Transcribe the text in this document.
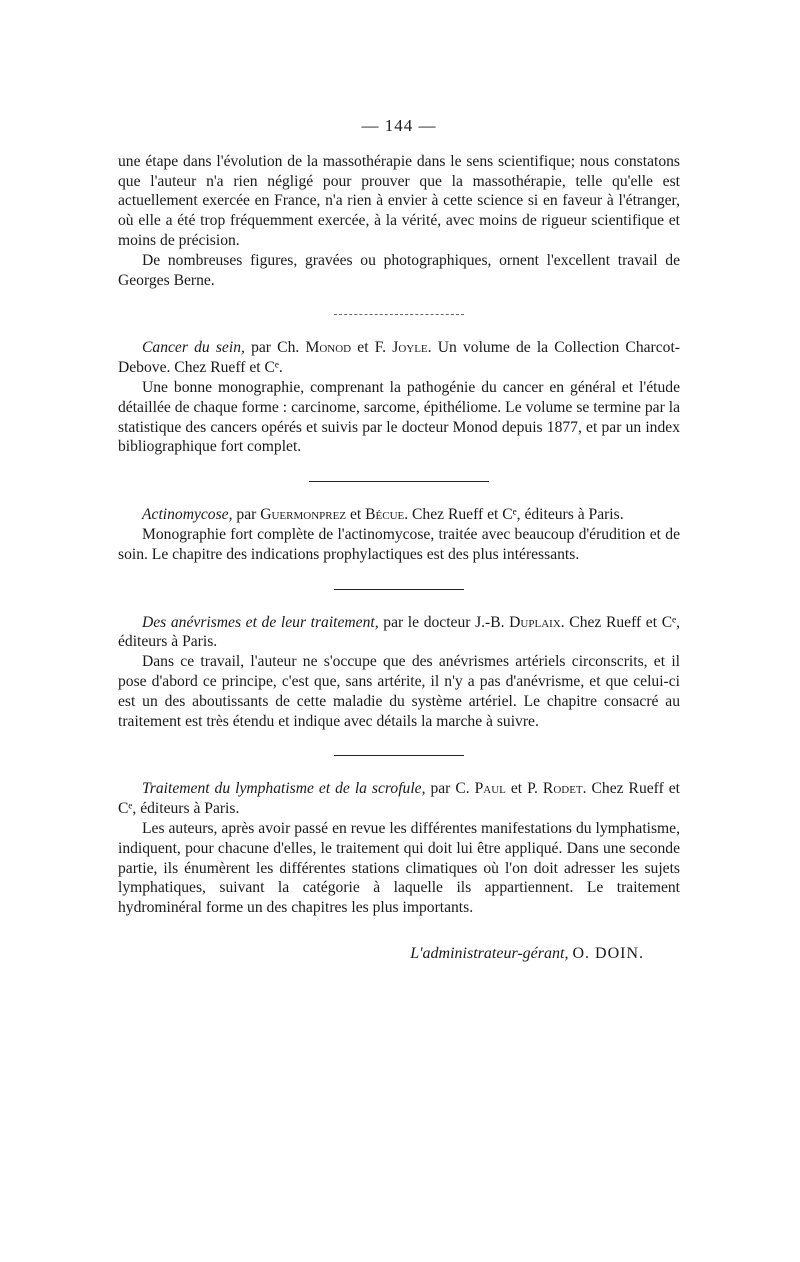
— 144 —

une étape dans l'évolution de la massothérapie dans le sens scientifique; nous constatons que l'auteur n'a rien négligé pour prouver que la massothérapie, telle qu'elle est actuellement exercée en France, n'a rien à envier à cette science si en faveur à l'étranger, où elle a été trop fréquemment exercée, à la vérité, avec moins de rigueur scientifique et moins de précision.

De nombreuses figures, gravées ou photographiques, ornent l'excellent travail de Georges Berne.

Cancer du sein, par Ch. Monod et F. Joyle. Un volume de la Collection Charcot-Debove. Chez Rueff et Cᵉ.

Une bonne monographie, comprenant la pathogénie du cancer en général et l'étude détaillée de chaque forme : carcinome, sarcome, épithéliome. Le volume se termine par la statistique des cancers opérés et suivis par le docteur Monod depuis 1877, et par un index bibliographique fort complet.

Actinomycose, par Guermonprez et Bécue. Chez Rueff et Cᵉ, éditeurs à Paris.

Monographie fort complète de l'actinomycose, traitée avec beaucoup d'érudition et de soin. Le chapitre des indications prophylactiques est des plus intéressants.

Des anévrismes et de leur traitement, par le docteur J.-B. Duplaix. Chez Rueff et Cᵉ, éditeurs à Paris.

Dans ce travail, l'auteur ne s'occupe que des anévrismes artériels circonscrits, et il pose d'abord ce principe, c'est que, sans artérite, il n'y a pas d'anévrisme, et que celui-ci est un des aboutissants de cette maladie du système artériel. Le chapitre consacré au traitement est très étendu et indique avec détails la marche à suivre.

Traitement du lymphatisme et de la scrofule, par C. Paul et P. Rodet. Chez Rueff et Cᵉ, éditeurs à Paris.

Les auteurs, après avoir passé en revue les différentes manifestations du lymphatisme, indiquent, pour chacune d'elles, le traitement qui doit lui être appliqué. Dans une seconde partie, ils énumèrent les différentes stations climatiques où l'on doit adresser les sujets lymphatiques, suivant la catégorie à laquelle ils appartiennent. Le traitement hydrominéral forme un des chapitres les plus importants.

L'administrateur-gérant, O. DOIN.
